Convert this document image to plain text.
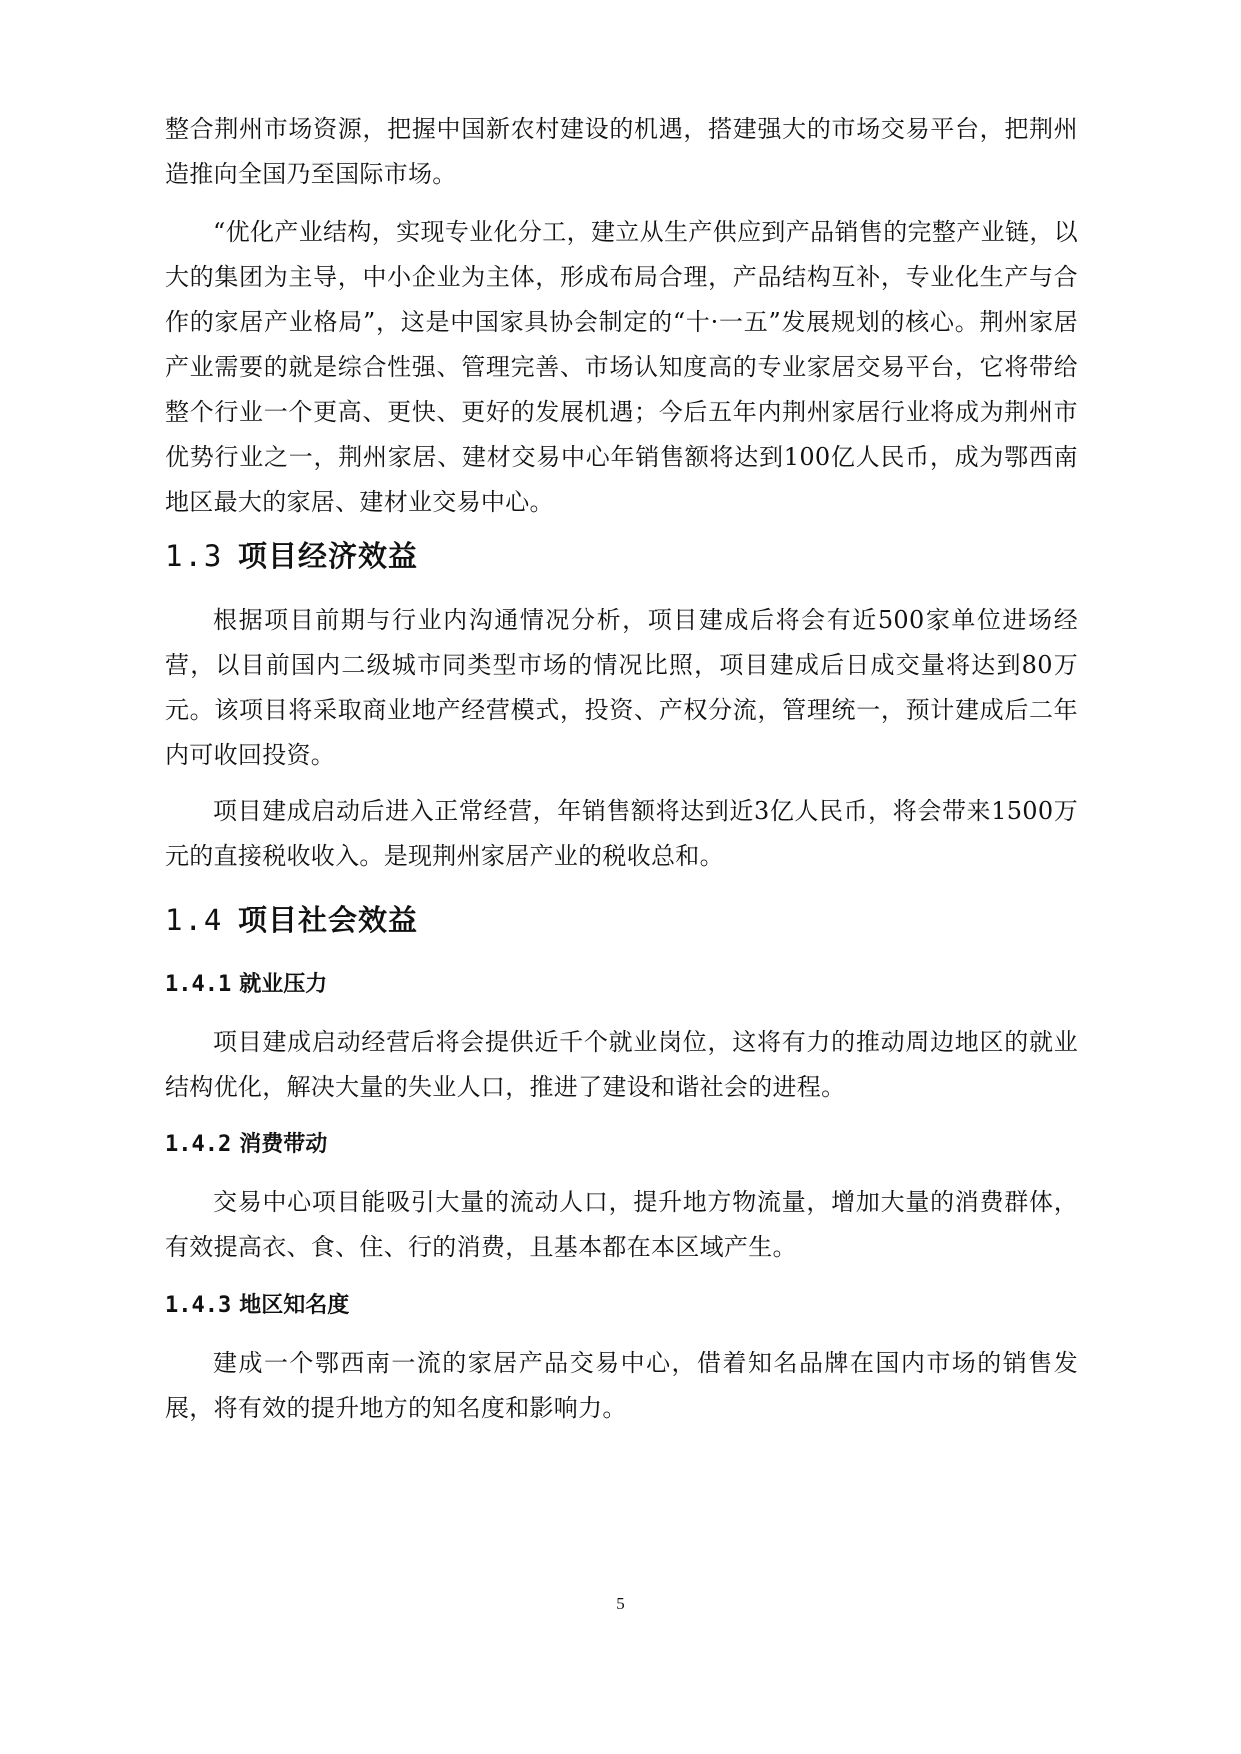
整合荆州市场资源，把握中国新农村建设的机遇，搭建强大的市场交易平台，把荆州造推向全国乃至国际市场。

“优化产业结构，实现专业化分工，建立从生产供应到产品销售的完整产业链，以大的集团为主导，中小企业为主体，形成布局合理，产品结构互补，专业化生产与合作的家居产业格局”，这是中国家具协会制定的“十·一五”发展规划的核心。荆州家居产业需要的就是综合性强、管理完善、市场认知度高的专业家居交易平台，它将带给整个行业一个更高、更快、更好的发展机遇；今后五年内荆州家居行业将成为荆州市优势行业之一，荆州家居、建材交易中心年销售额将达到100亿人民币，成为鄂西南地区最大的家居、建材业交易中心。

1.3 项目经济效益

根据项目前期与行业内沟通情况分析，项目建成后将会有近500家单位进场经营，以目前国内二级城市同类型市场的情况比照，项目建成后日成交量将达到80万元。该项目将采取商业地产经营模式，投资、产权分流，管理统一，预计建成后二年内可收回投资。

项目建成启动后进入正常经营，年销售额将达到近3亿人民币，将会带来1500万元的直接税收收入。是现荆州家居产业的税收总和。

1.4 项目社会效益
1.4.1 就业压力

项目建成启动经营后将会提供近千个就业岗位，这将有力的推动周边地区的就业结构优化，解决大量的失业人口，推进了建设和谐社会的进程。

1.4.2 消费带动

交易中心项目能吸引大量的流动人口，提升地方物流量，增加大量的消费群体，有效提高衣、食、住、行的消费，且基本都在本区域产生。

1.4.3 地区知名度

建成一个鄂西南一流的家居产品交易中心，借着知名品牌在国内市场的销售发展，将有效的提升地方的知名度和影响力。

5
